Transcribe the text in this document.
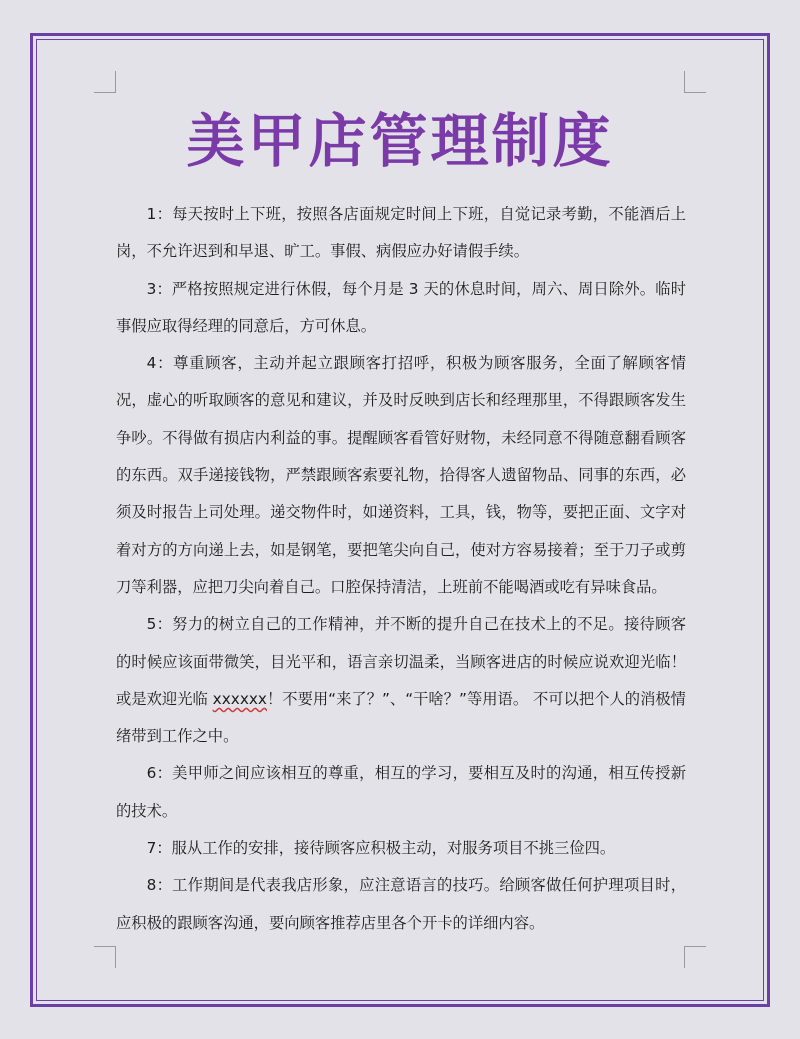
美甲店管理制度

1：每天按时上下班，按照各店面规定时间上下班，自觉记录考勤，不能酒后上岗，不允许迟到和早退、旷工。事假、病假应办好请假手续。

3：严格按照规定进行休假，每个月是 3 天的休息时间，周六、周日除外。临时事假应取得经理的同意后，方可休息。

4：尊重顾客，主动并起立跟顾客打招呼，积极为顾客服务，全面了解顾客情况，虚心的听取顾客的意见和建议，并及时反映到店长和经理那里，不得跟顾客发生争吵。不得做有损店内利益的事。提醒顾客看管好财物，未经同意不得随意翻看顾客的东西。双手递接钱物，严禁跟顾客索要礼物，拾得客人遗留物品、同事的东西，必须及时报告上司处理。递交物件时，如递资料，工具，钱，物等，要把正面、文字对着对方的方向递上去，如是钢笔，要把笔尖向自己，使对方容易接着；至于刀子或剪刀等利器，应把刀尖向着自己。口腔保持清洁，上班前不能喝酒或吃有异味食品。

5：努力的树立自己的工作精神，并不断的提升自己在技术上的不足。接待顾客的时候应该面带微笑，目光平和，语言亲切温柔，当顾客进店的时候应说欢迎光临！或是欢迎光临 xxxxxx！不要用“来了？”、“干啥？”等用语。 不可以把个人的消极情绪带到工作之中。

6：美甲师之间应该相互的尊重，相互的学习，要相互及时的沟通，相互传授新的技术。

7：服从工作的安排，接待顾客应积极主动，对服务项目不挑三俭四。

8：工作期间是代表我店形象，应注意语言的技巧。给顾客做任何护理项目时，应积极的跟顾客沟通，要向顾客推荐店里各个开卡的详细内容。
